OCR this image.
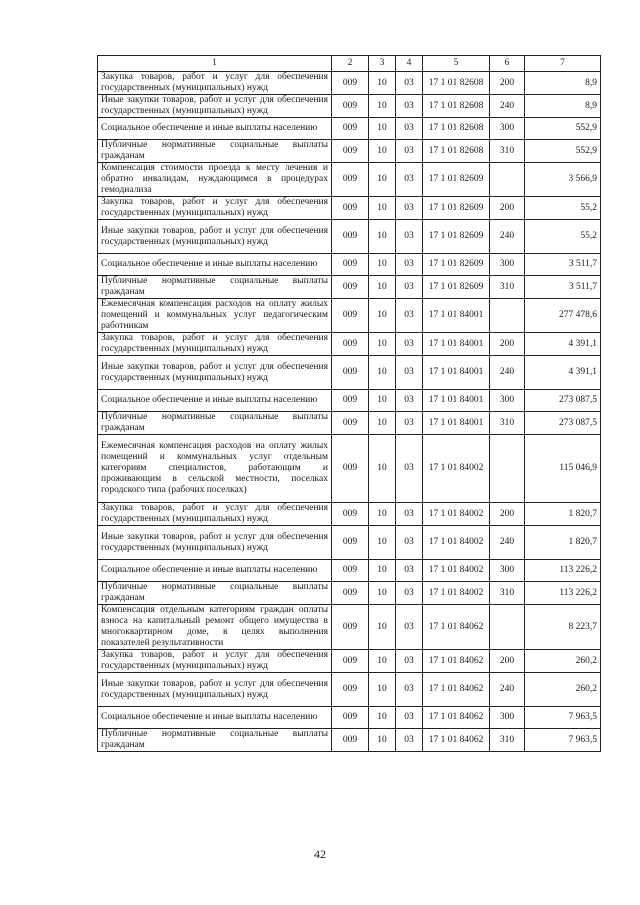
1	2	3	4	5	6	7
Закупка товаров, работ и услуг для обеспечения государственных (муниципальных) нужд	009	10	03	17 1 01 82608	200	8,9
Иные закупки товаров, работ и услуг для обеспечения государственных (муниципальных) нужд	009	10	03	17 1 01 82608	240	8,9
Социальное обеспечение и иные выплаты населению	009	10	03	17 1 01 82608	300	552,9
Публичные нормативные социальные выплаты гражданам	009	10	03	17 1 01 82608	310	552,9
Компенсация стоимости проезда к месту лечения и обратно инвалидам, нуждающимся в процедурах гемодиализа	009	10	03	17 1 01 82609		3 566,9
Закупка товаров, работ и услуг для обеспечения государственных (муниципальных) нужд	009	10	03	17 1 01 82609	200	55,2
Иные закупки товаров, работ и услуг для обеспечения государственных (муниципальных) нужд	009	10	03	17 1 01 82609	240	55,2
Социальное обеспечение и иные выплаты населению	009	10	03	17 1 01 82609	300	3 511,7
Публичные нормативные социальные выплаты гражданам	009	10	03	17 1 01 82609	310	3 511,7
Ежемесячная компенсация расходов на оплату жилых помещений и коммунальных услуг педагогическим работникам	009	10	03	17 1 01 84001		277 478,6
Закупка товаров, работ и услуг для обеспечения государственных (муниципальных) нужд	009	10	03	17 1 01 84001	200	4 391,1
Иные закупки товаров, работ и услуг для обеспечения государственных (муниципальных) нужд	009	10	03	17 1 01 84001	240	4 391,1
Социальное обеспечение и иные выплаты населению	009	10	03	17 1 01 84001	300	273 087,5
Публичные нормативные социальные выплаты гражданам	009	10	03	17 1 01 84001	310	273 087,5
Ежемесячная компенсация расходов на оплату жилых помещений и коммунальных услуг отдельным категориям специалистов, работающим и проживающим в сельской местности, поселках городского типа (рабочих поселках)	009	10	03	17 1 01 84002		115 046,9
Закупка товаров, работ и услуг для обеспечения государственных (муниципальных) нужд	009	10	03	17 1 01 84002	200	1 820,7
Иные закупки товаров, работ и услуг для обеспечения государственных (муниципальных) нужд	009	10	03	17 1 01 84002	240	1 820,7
Социальное обеспечение и иные выплаты населению	009	10	03	17 1 01 84002	300	113 226,2
Публичные нормативные социальные выплаты гражданам	009	10	03	17 1 01 84002	310	113 226,2
Компенсация отдельным категориям граждан оплаты взноса на капитальный ремонт общего имущества в многоквартирном доме, в целях выполнения показателей результативности	009	10	03	17 1 01 84062		8 223,7
Закупка товаров, работ и услуг для обеспечения государственных (муниципальных) нужд	009	10	03	17 1 01 84062	200	260,2
Иные закупки товаров, работ и услуг для обеспечения государственных (муниципальных) нужд	009	10	03	17 1 01 84062	240	260,2
Социальное обеспечение и иные выплаты населению	009	10	03	17 1 01 84062	300	7 963,5
Публичные нормативные социальные выплаты гражданам	009	10	03	17 1 01 84062	310	7 963,5
42
